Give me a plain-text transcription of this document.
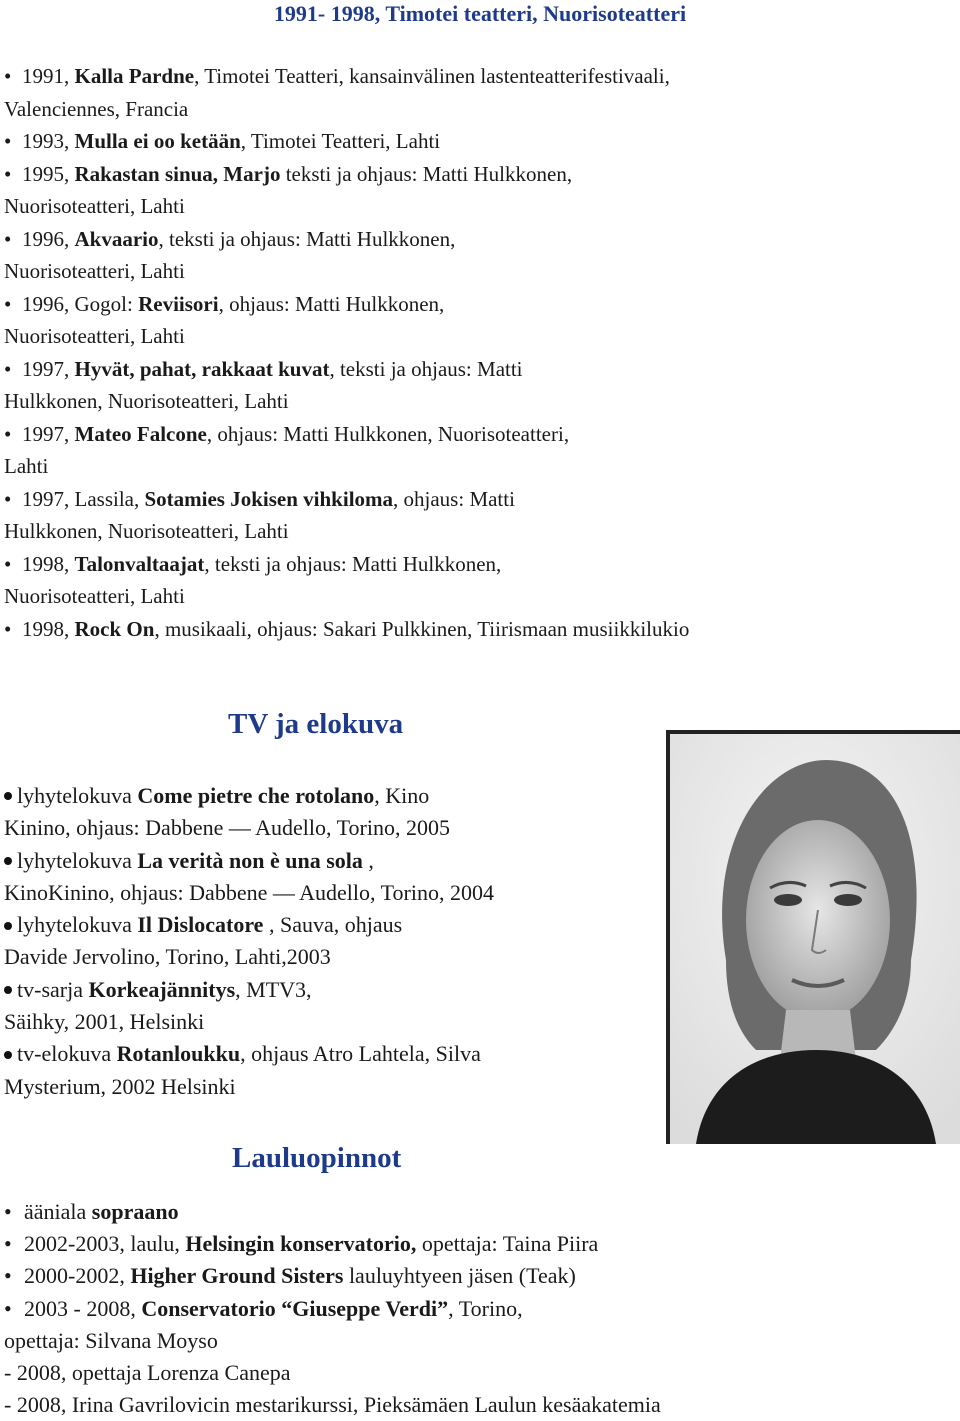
1991- 1998, Timotei teatteri, Nuorisoteatteri
• 1991, Kalla Pardne, Timotei Teatteri, kansainvälinen lastenteatterifestivaali,
Valenciennes, Francia
• 1993, Mulla ei oo ketään, Timotei Teatteri, Lahti
• 1995, Rakastan sinua, Marjo teksti ja ohjaus: Matti Hulkkonen,
Nuorisoteatteri, Lahti
• 1996, Akvaario, teksti ja ohjaus: Matti Hulkkonen,
Nuorisoteatteri, Lahti
• 1996, Gogol: Reviisori, ohjaus: Matti Hulkkonen,
Nuorisoteatteri, Lahti
• 1997, Hyvät, pahat, rakkaat kuvat, teksti ja ohjaus: Matti
Hulkkonen, Nuorisoteatteri, Lahti
• 1997, Mateo Falcone, ohjaus: Matti Hulkkonen, Nuorisoteatteri,
Lahti
• 1997, Lassila, Sotamies Jokisen vihkiloma, ohjaus: Matti
Hulkkonen, Nuorisoteatteri, Lahti
• 1998, Talonvaltaajat, teksti ja ohjaus: Matti Hulkkonen,
Nuorisoteatteri, Lahti
• 1998, Rock On, musikaali, ohjaus: Sakari Pulkkinen, Tiirismaan musiikkilukio
TV ja elokuva
lyhytelokuva Come pietre che rotolano, Kino
Kinino, ohjaus: Dabbene — Audello, Torino, 2005
lyhytelokuva La verità non è una sola ,
KinoKinino, ohjaus: Dabbene — Audello, Torino, 2004
lyhytelokuva Il Dislocatore , Sauva, ohjaus
Davide Jervolino, Torino, Lahti,2003
tv-sarja Korkeajännitys, MTV3,
Säihky, 2001, Helsinki
tv-elokuva Rotanloukku, ohjaus Atro Lahtela, Silva
Mysterium, 2002 Helsinki
Lauluopinnot
• ääniala sopraano
• 2002-2003, laulu, Helsingin konservatorio, opettaja: Taina Piira
• 2000-2002, Higher Ground Sisters lauluyhtyeen jäsen (Teak)
• 2003 - 2008, Conservatorio “Giuseppe Verdi”, Torino,
opettaja: Silvana Moyso
- 2008, opettaja Lorenza Canepa
- 2008, Irina Gavrilovicin mestarikurssi, Pieksämäen Laulun kesäakatemia
